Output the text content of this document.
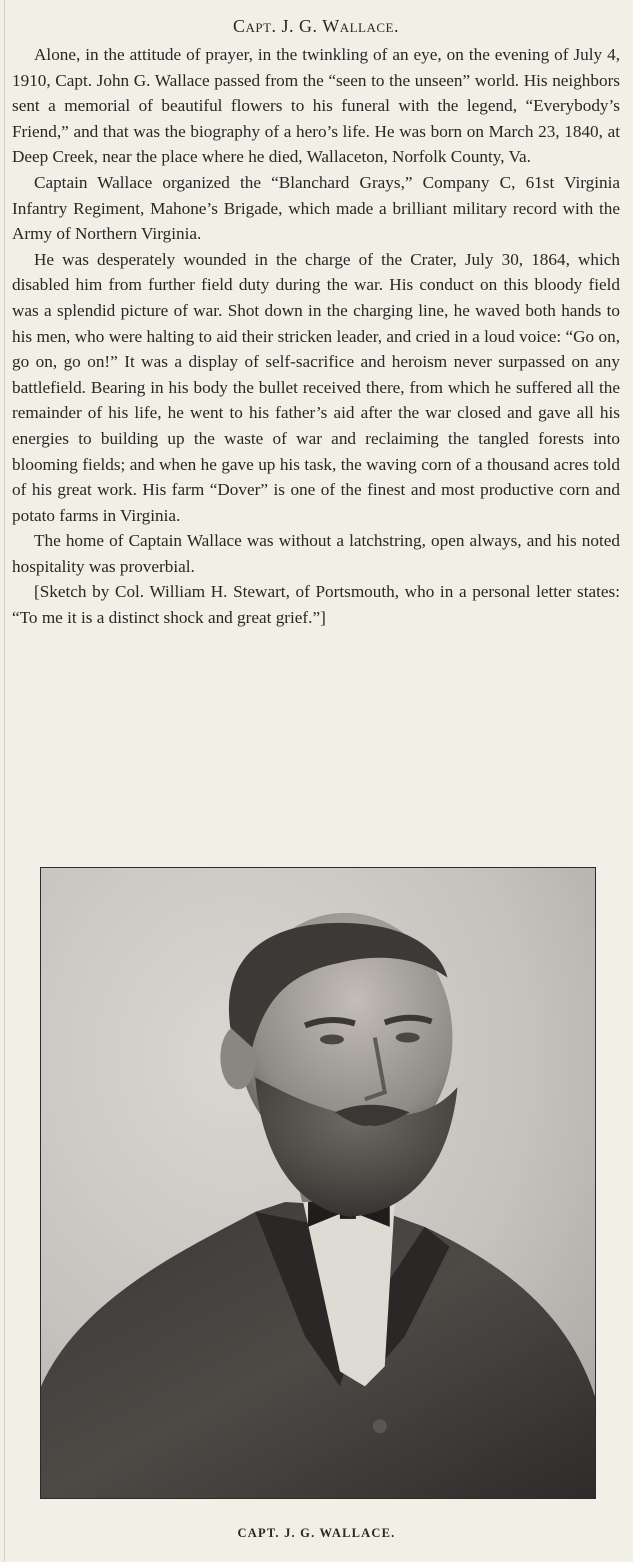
Capt. J. G. Wallace.

Alone, in the attitude of prayer, in the twinkling of an eye, on the evening of July 4, 1910, Capt. John G. Wallace passed from the “seen to the unseen” world. His neighbors sent a memorial of beautiful flowers to his funeral with the legend, “Everybody’s Friend,” and that was the biography of a hero’s life. He was born on March 23, 1840, at Deep Creek, near the place where he died, Wallaceton, Norfolk County, Va.

Captain Wallace organized the “Blanchard Grays,” Company C, 61st Virginia Infantry Regiment, Mahone’s Brigade, which made a brilliant military record with the Army of Northern Virginia.

He was desperately wounded in the charge of the Crater, July 30, 1864, which disabled him from further field duty during the war. His conduct on this bloody field was a splendid picture of war. Shot down in the charging line, he waved both hands to his men, who were halting to aid their stricken leader, and cried in a loud voice: “Go on, go on, go on!” It was a display of self-sacrifice and heroism never surpassed on any battlefield. Bearing in his body the bullet received there, from which he suffered all the remainder of his life, he went to his father’s aid after the war closed and gave all his energies to building up the waste of war and reclaiming the tangled forests into blooming fields; and when he gave up his task, the waving corn of a thousand acres told of his great work. His farm “Dover” is one of the finest and most productive corn and potato farms in Virginia.

The home of Captain Wallace was without a latchstring, open always, and his noted hospitality was proverbial.

[Sketch by Col. William H. Stewart, of Portsmouth, who in a personal letter states: “To me it is a distinct shock and great grief.”]

CAPT. J. G. WALLACE.
